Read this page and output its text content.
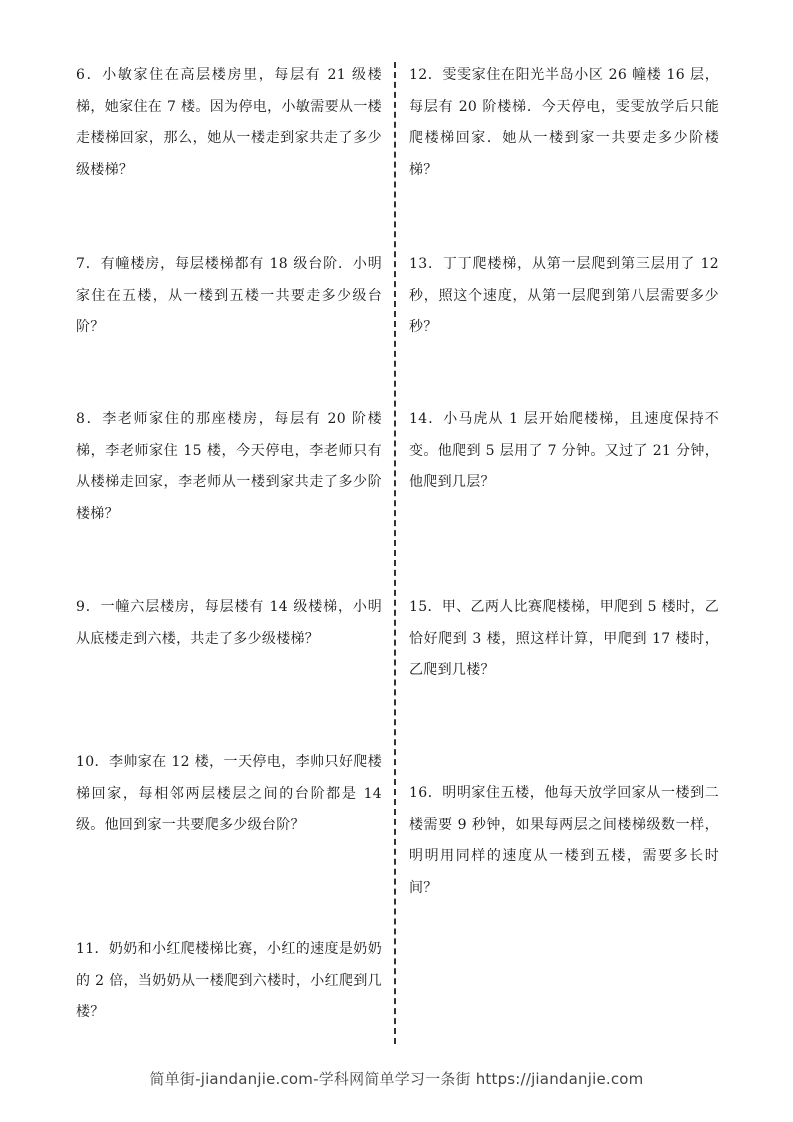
6．小敏家住在高层楼房里，每层有 21 级楼梯，她家住在 7 楼。因为停电，小敏需要从一楼走楼梯回家，那么，她从一楼走到家共走了多少级楼梯？
7．有幢楼房，每层楼梯都有 18 级台阶．小明家住在五楼，从一楼到五楼一共要走多少级台阶？
8．李老师家住的那座楼房，每层有 20 阶楼梯，李老师家住 15 楼，今天停电，李老师只有从楼梯走回家，李老师从一楼到家共走了多少阶楼梯？
9．一幢六层楼房，每层楼有 14 级楼梯，小明从底楼走到六楼，共走了多少级楼梯？
10．李帅家在 12 楼，一天停电，李帅只好爬楼梯回家，每相邻两层楼层之间的台阶都是 14 级。他回到家一共要爬多少级台阶？
11．奶奶和小红爬楼梯比赛，小红的速度是奶奶的 2 倍，当奶奶从一楼爬到六楼时，小红爬到几楼？
12．雯雯家住在阳光半岛小区 26 幢楼 16 层，每层有 20 阶楼梯．今天停电，雯雯放学后只能爬楼梯回家．她从一楼到家一共要走多少阶楼梯？
13．丁丁爬楼梯，从第一层爬到第三层用了 12 秒，照这个速度，从第一层爬到第八层需要多少秒？
14．小马虎从 1 层开始爬楼梯，且速度保持不变。他爬到 5 层用了 7 分钟。又过了 21 分钟，他爬到几层？
15．甲、乙两人比赛爬楼梯，甲爬到 5 楼时，乙恰好爬到 3 楼，照这样计算，甲爬到 17 楼时，乙爬到几楼？
16．明明家住五楼，他每天放学回家从一楼到二楼需要 9 秒钟，如果每两层之间楼梯级数一样，明明用同样的速度从一楼到五楼，需要多长时间？
简单街-jiandanjie.com-学科网简单学习一条街 https://jiandanjie.com
